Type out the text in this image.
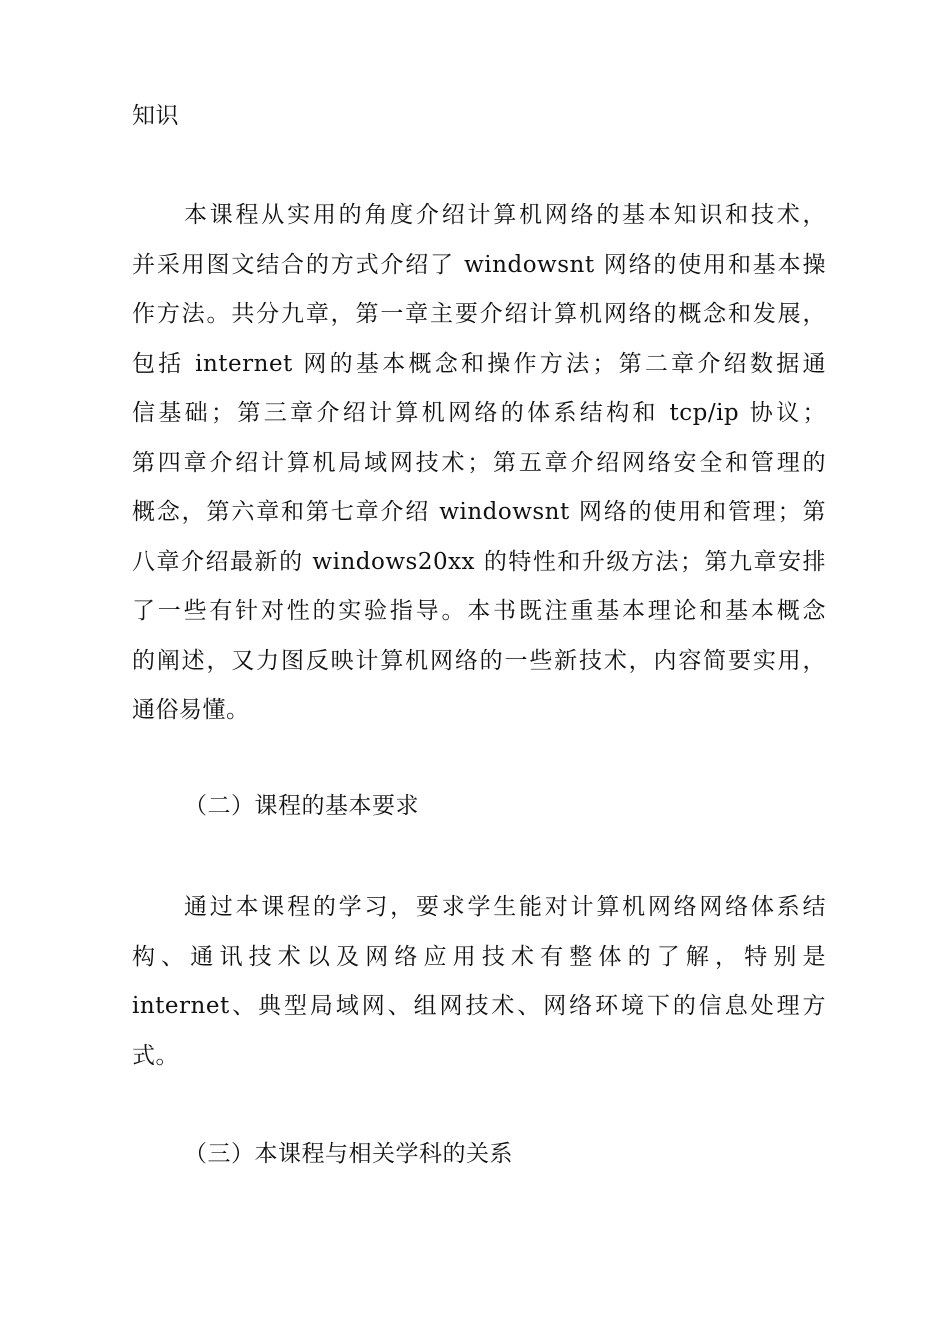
知识

本课程从实用的角度介绍计算机网络的基本知识和技术，
并采用图文结合的方式介绍了 windowsnt 网络的使用和基本操
作方法。共分九章，第一章主要介绍计算机网络的概念和发展，
包括 internet 网的基本概念和操作方法；第二章介绍数据通
信基础；第三章介绍计算机网络的体系结构和 tcp/ip 协议；
第四章介绍计算机局域网技术；第五章介绍网络安全和管理的
概念，第六章和第七章介绍 windowsnt 网络的使用和管理；第
八章介绍最新的 windows20xx 的特性和升级方法；第九章安排
了一些有针对性的实验指导。本书既注重基本理论和基本概念
的阐述，又力图反映计算机网络的一些新技术，内容简要实用，
通俗易懂。

（二）课程的基本要求

通过本课程的学习，要求学生能对计算机网络网络体系结
构、通讯技术以及网络应用技术有整体的了解，特别是
internet、典型局域网、组网技术、网络环境下的信息处理方
式。

（三）本课程与相关学科的关系
